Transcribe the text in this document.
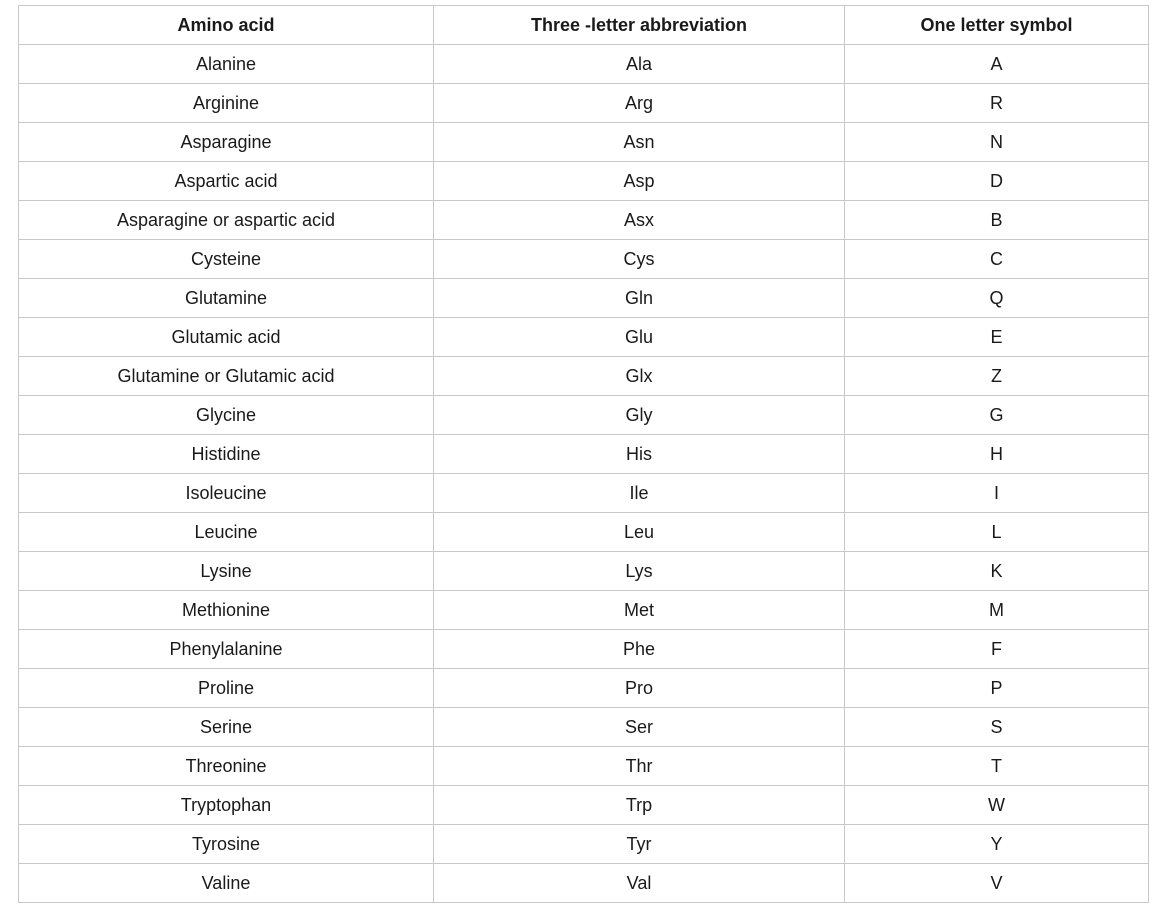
Amino acid	Three -letter abbreviation	One letter symbol
Alanine	Ala	A
Arginine	Arg	R
Asparagine	Asn	N
Aspartic acid	Asp	D
Asparagine or aspartic acid	Asx	B
Cysteine	Cys	C
Glutamine	Gln	Q
Glutamic acid	Glu	E
Glutamine or Glutamic acid	Glx	Z
Glycine	Gly	G
Histidine	His	H
Isoleucine	Ile	I
Leucine	Leu	L
Lysine	Lys	K
Methionine	Met	M
Phenylalanine	Phe	F
Proline	Pro	P
Serine	Ser	S
Threonine	Thr	T
Tryptophan	Trp	W
Tyrosine	Tyr	Y
Valine	Val	V
